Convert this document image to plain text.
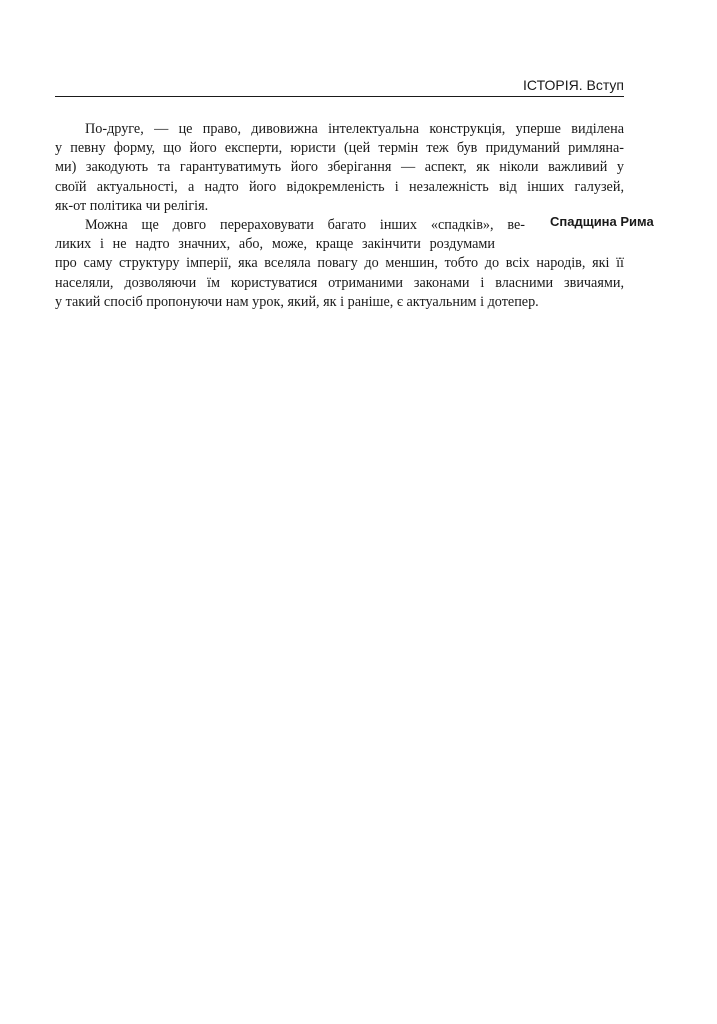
ІСТОРІЯ. Вступ
Спадщина Рима
По-друге, — це право, дивовижна інтелектуальна конструкція, уперше виділена
у певну форму, що його експерти, юристи (цей термін теж був придуманий римляна-
ми) закодують та гарантуватимуть його зберігання — аспект, як ніколи важливий у
своїй актуальності, а надто його відокремленість і незалежність від інших галузей,
як-от політика чи релігія.
Можна ще довго перераховувати багато інших «спадків», ве-
ликих і не надто значних, або, може, краще закінчити роздумами
про саму структуру імперії, яка вселяла повагу до меншин, тобто до всіх народів, які її
населяли, дозволяючи їм користуватися отриманими законами і власними звичаями,
у такий спосіб пропонуючи нам урок, який, як і раніше, є актуальним і дотепер.
